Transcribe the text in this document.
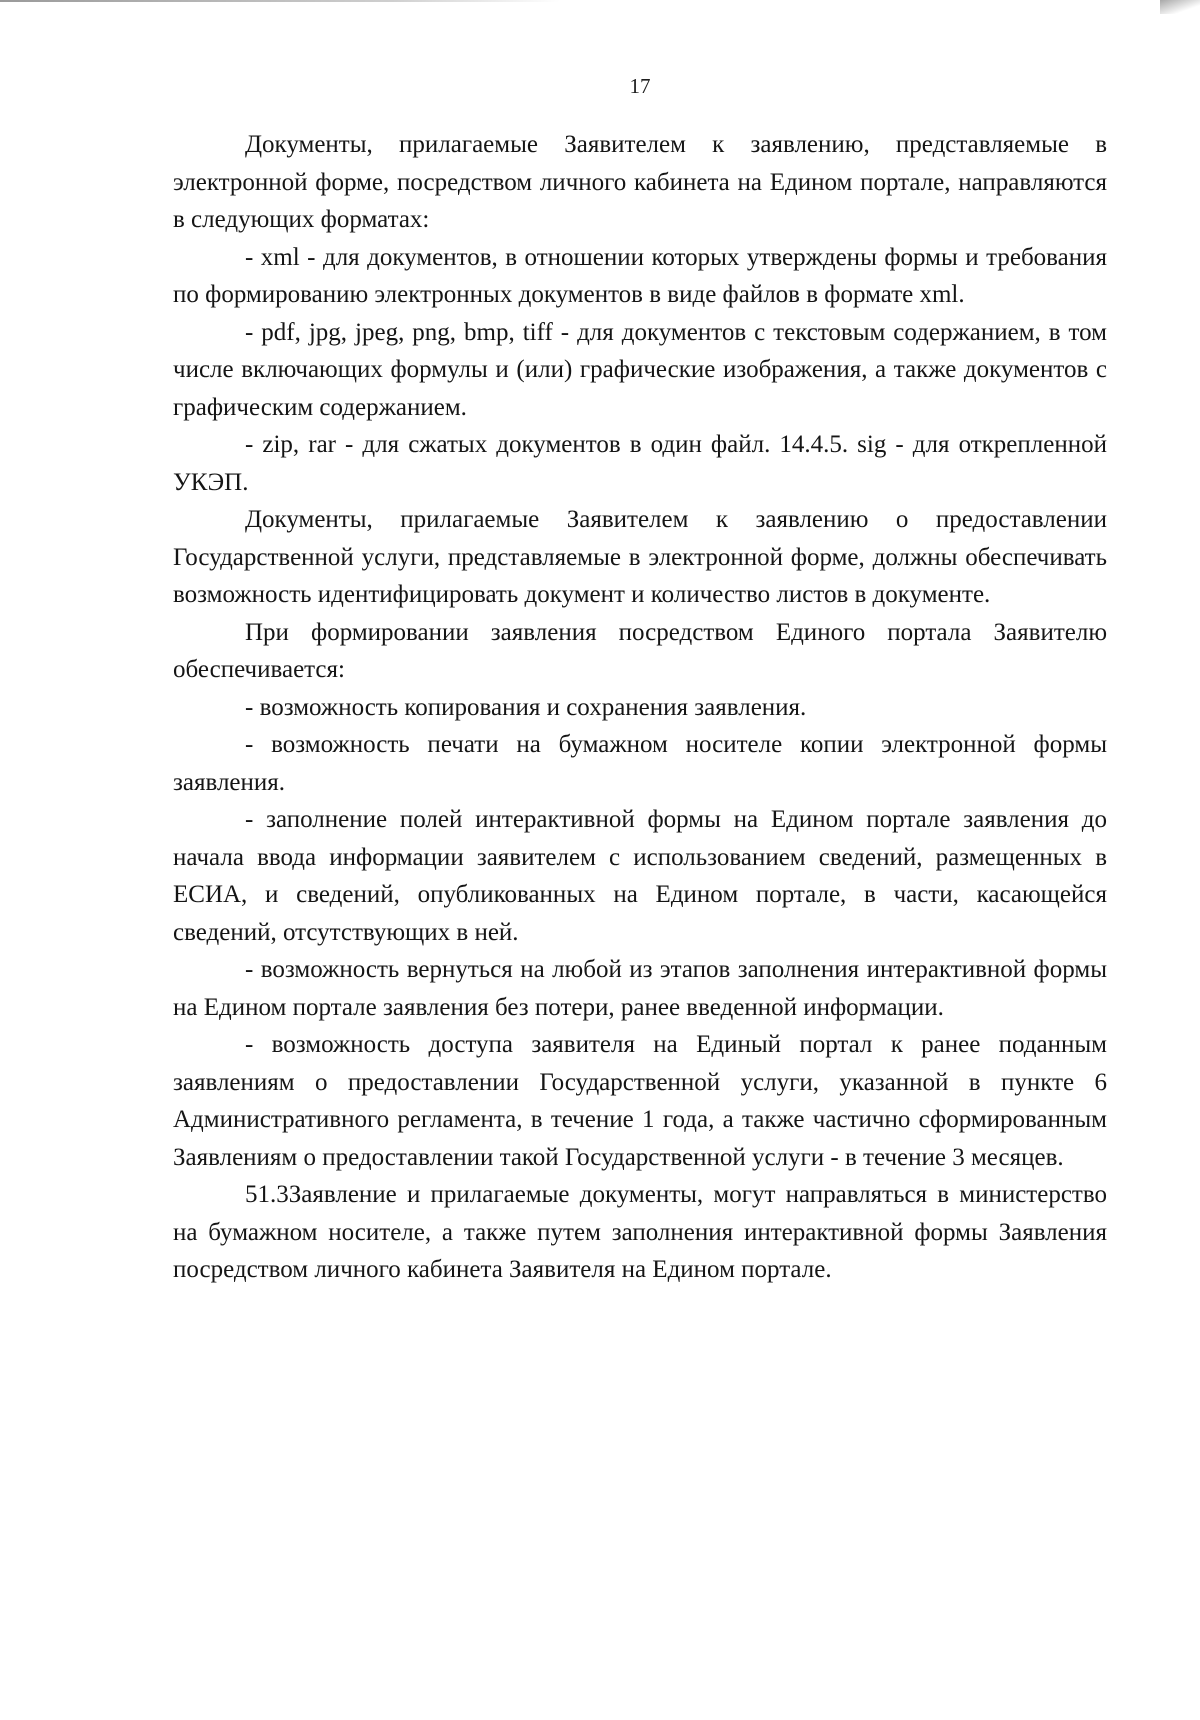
17

Документы, прилагаемые Заявителем к заявлению, представляемые в электронной форме, посредством личного кабинета на Едином портале, направляются в следующих форматах:

- xml - для документов, в отношении которых утверждены формы и требования по формированию электронных документов в виде файлов в формате xml.

- pdf, jpg, jpeg, png, bmp, tiff - для документов с текстовым содержанием, в том числе включающих формулы и (или) графические изображения, а также документов с графическим содержанием.

- zip, rar - для сжатых документов в один файл. 14.4.5. sig - для открепленной УКЭП.

Документы, прилагаемые Заявителем к заявлению о предоставлении Государственной услуги, представляемые в электронной форме, должны обеспечивать возможность идентифицировать документ и количество листов в документе.

При формировании заявления посредством Единого портала Заявителю обеспечивается:

- возможность копирования и сохранения заявления.

- возможность печати на бумажном носителе копии электронной формы заявления.

- заполнение полей интерактивной формы на Едином портале заявления до начала ввода информации заявителем с использованием сведений, размещенных в ЕСИА, и сведений, опубликованных на Едином портале, в части, касающейся сведений, отсутствующих в ней.

- возможность вернуться на любой из этапов заполнения интерактивной формы на Едином портале заявления без потери, ранее введенной информации.

- возможность доступа заявителя на Единый портал к ранее поданным заявлениям о предоставлении Государственной услуги, указанной в пункте 6 Административного регламента, в течение 1 года, а также частично сформированным Заявлениям о предоставлении такой Государственной услуги - в течение 3 месяцев.

51.3Заявление и прилагаемые документы, могут направляться в министерство на бумажном носителе, а также путем заполнения интерактивной формы Заявления посредством личного кабинета Заявителя на Едином портале.
